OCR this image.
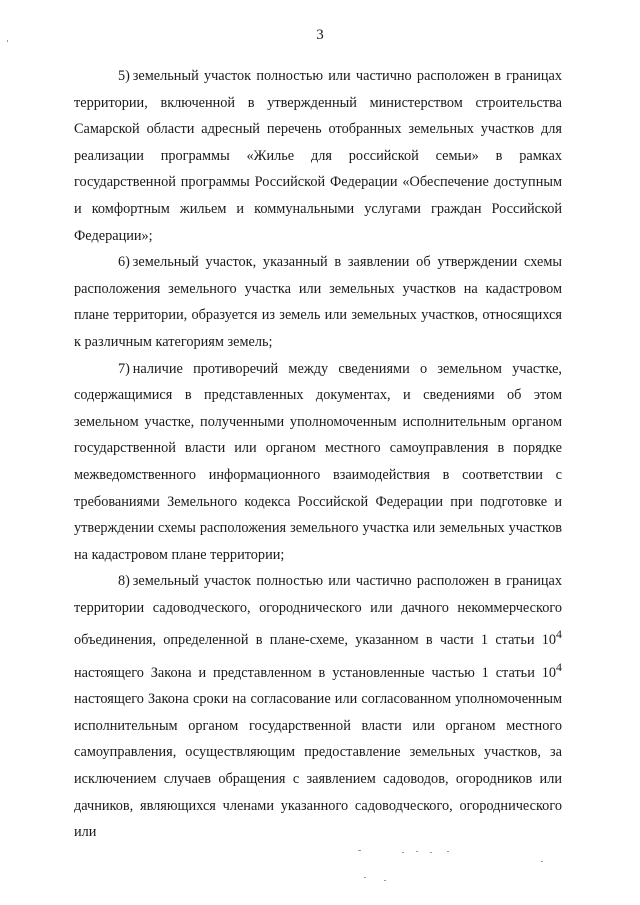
3

5) земельный участок полностью или частично расположен в границах территории, включенной в утвержденный министерством строительства Самарской области адресный перечень отобранных земельных участков для реализации программы «Жилье для российской семьи» в рамках государственной программы Российской Федерации «Обеспечение доступным и комфортным жильем и коммунальными услугами граждан Российской Федерации»;

6) земельный участок, указанный в заявлении об утверждении схемы расположения земельного участка или земельных участков на кадастровом плане территории, образуется из земель или земельных участков, относящихся к различным категориям земель;

7) наличие противоречий между сведениями о земельном участке, содержащимися в представленных документах, и сведениями об этом земельном участке, полученными уполномоченным исполнительным органом государственной власти или органом местного самоуправления в порядке межведомственного информационного взаимодействия в соответствии с требованиями Земельного кодекса Российской Федерации при подготовке и утверждении схемы расположения земельного участка или земельных участков на кадастровом плане территории;

8) земельный участок полностью или частично расположен в границах территории садоводческого, огороднического или дачного некоммерческого объединения, определенной в плане-схеме, указанном в части 1 статьи $10^4$ настоящего Закона и представленном в установленные частью 1 статьи $10^4$ настоящего Закона сроки на согласование или согласованном уполномоченным исполнительным органом государственной власти или органом местного самоуправления, осуществляющим предоставление земельных участков, за исключением случаев обращения с заявлением садоводов, огородников или дачников, являющихся членами указанного садоводческого, огороднического или
